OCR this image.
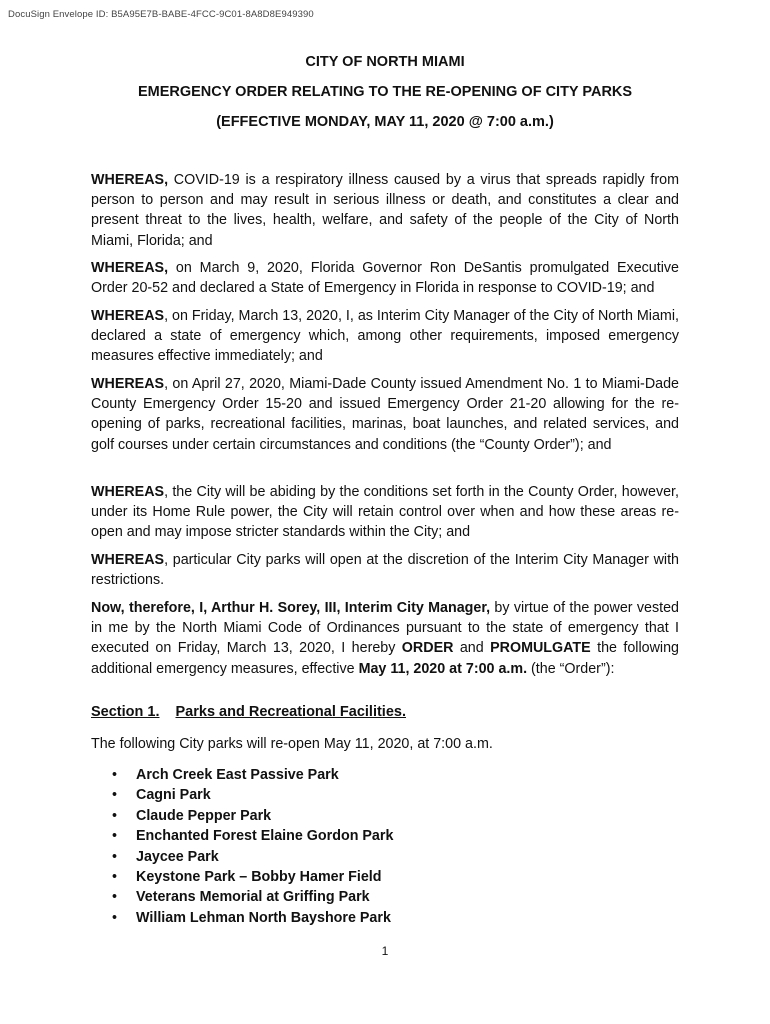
DocuSign Envelope ID: B5A95E7B-BABE-4FCC-9C01-8A8D8E949390
CITY OF NORTH MIAMI
EMERGENCY ORDER RELATING TO THE RE-OPENING OF CITY PARKS
(EFFECTIVE MONDAY, MAY 11, 2020 @ 7:00 a.m.)
WHEREAS, COVID-19 is a respiratory illness caused by a virus that spreads rapidly from person to person and may result in serious illness or death, and constitutes a clear and present threat to the lives, health, welfare, and safety of the people of the City of North Miami, Florida; and
WHEREAS, on March 9, 2020, Florida Governor Ron DeSantis promulgated Executive Order 20-52 and declared a State of Emergency in Florida in response to COVID-19; and
WHEREAS, on Friday, March 13, 2020, I, as Interim City Manager of the City of North Miami, declared a state of emergency which, among other requirements, imposed emergency measures effective immediately; and
WHEREAS, on April 27, 2020, Miami-Dade County issued Amendment No. 1 to Miami-Dade County Emergency Order 15-20 and issued Emergency Order 21-20 allowing for the re-opening of parks, recreational facilities, marinas, boat launches, and related services, and golf courses under certain circumstances and conditions (the “County Order”); and
WHEREAS, the City will be abiding by the conditions set forth in the County Order, however, under its Home Rule power, the City will retain control over when and how these areas re-open and may impose stricter standards within the City; and
WHEREAS, particular City parks will open at the discretion of the Interim City Manager with restrictions.
Now, therefore, I, Arthur H. Sorey, III, Interim City Manager, by virtue of the power vested in me by the North Miami Code of Ordinances pursuant to the state of emergency that I executed on Friday, March 13, 2020, I hereby ORDER and PROMULGATE the following additional emergency measures, effective May 11, 2020 at 7:00 a.m. (the “Order”):
Section 1. Parks and Recreational Facilities.
The following City parks will re-open May 11, 2020, at 7:00 a.m.
• Arch Creek East Passive Park
• Cagni Park
• Claude Pepper Park
• Enchanted Forest Elaine Gordon Park
• Jaycee Park
• Keystone Park – Bobby Hamer Field
• Veterans Memorial at Griffing Park
• William Lehman North Bayshore Park
1
